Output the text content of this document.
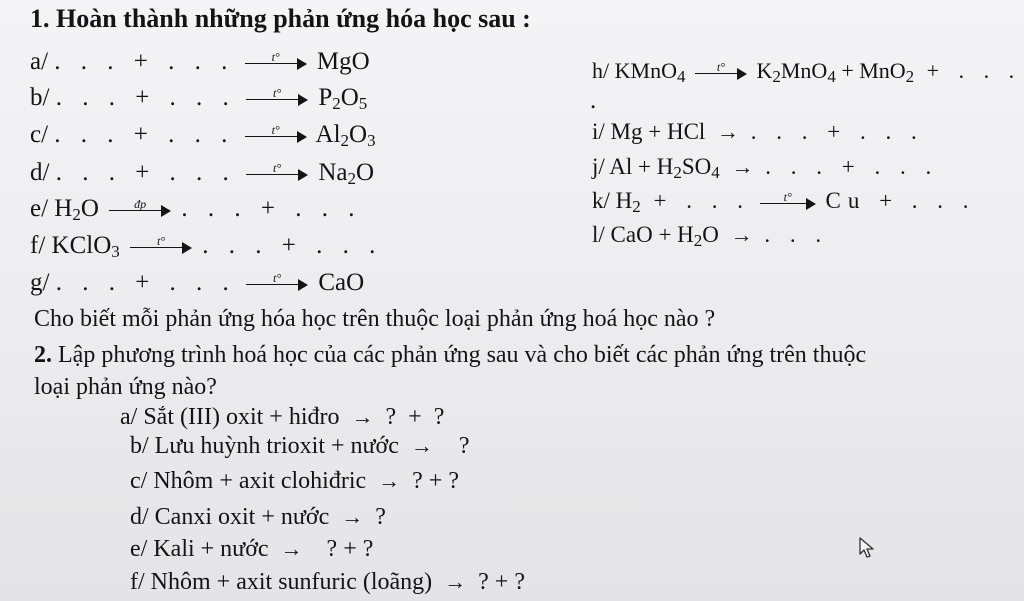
1. Hoàn thành những phản ứng hóa học sau :
a/ . . . + . . .	t°	MgO
b/ . . . + . . .	t°	$P_2O_5$
c/ . . . + . . .	t°	$Al_2O_3$
d/ . . . + . . .	t°	$Na_2O$
e/ $H_2O$	đp	. . . + . . .
f/ KClO$_3$
t°	. . . + . . .
g/ . . . + . . .	t°	CaO
h/ KMnO$_4$
t°	$K_2MnO_4 + MnO_2$ + . . .
.
i/ Mg + HCl → . . . + . . .
j/ $Al + H_2SO_4$ → . . . + . . .
k/ $H_2$ + . . .	t°	Cu + . . .
l/ CaO + $H_2O$ → . . .
Cho biết mỗi phản ứng hóa học trên thuộc loại phản ứng hoá học nào ?
2. Lập phương trình hoá học của các phản ứng sau và cho biết các phản ứng trên thuộc
loại phản ứng nào?
a/ Sắt (III) oxit + hiđro → ?  +  ?
b/ Lưu huỳnh trioxit + nước → ?
c/ Nhôm + axit clohiđric → ? + ?
d/ Canxi oxit + nước → ?
e/ Kali + nước → ? + ?
f/ Nhôm + axit sunfuric (loãng) → ? + ?
